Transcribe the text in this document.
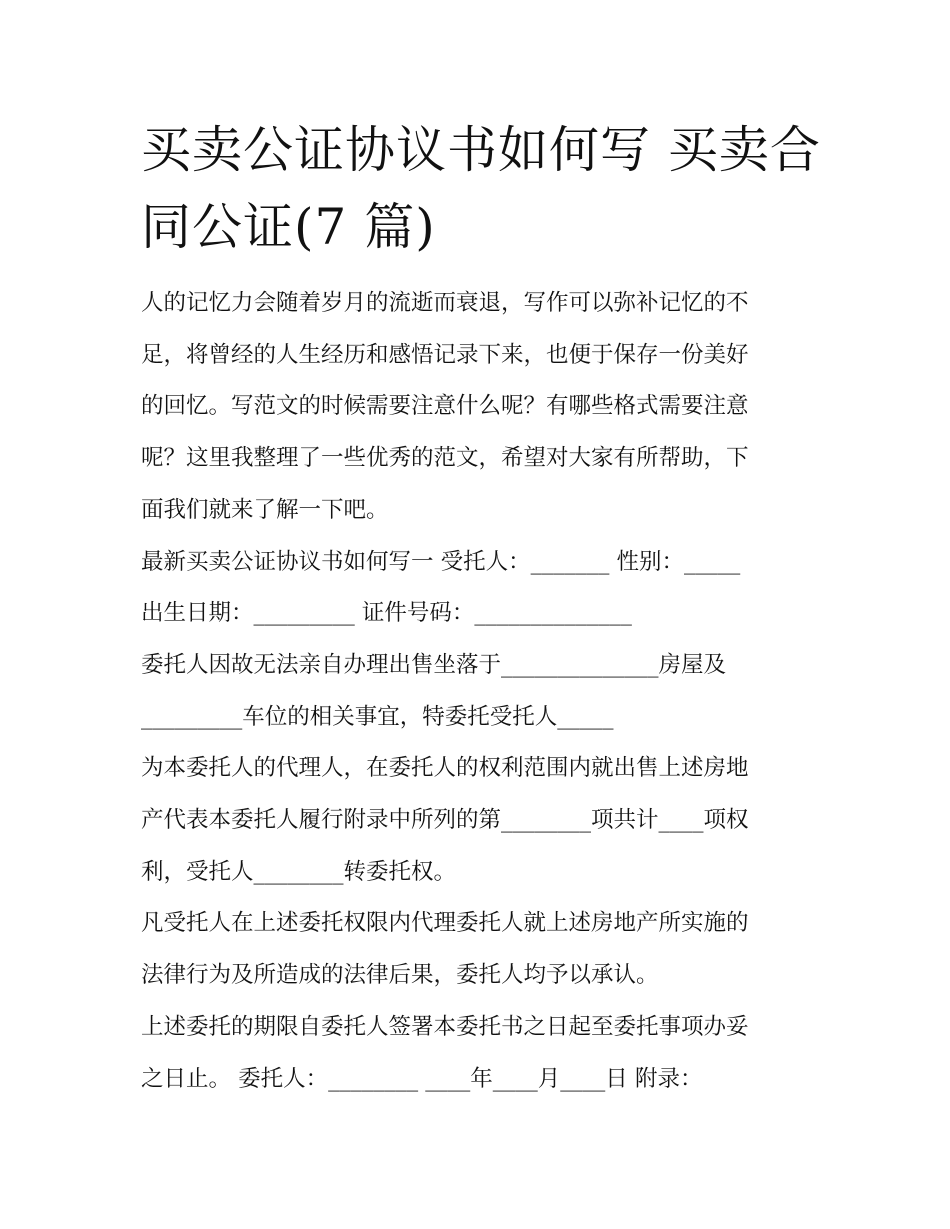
买卖公证协议书如何写 买卖合
同公证(7 篇)
人的记忆力会随着岁月的流逝而衰退，写作可以弥补记忆的不
足，将曾经的人生经历和感悟记录下来，也便于保存一份美好
的回忆。写范文的时候需要注意什么呢？有哪些格式需要注意
呢？这里我整理了一些优秀的范文，希望对大家有所帮助，下
面我们就来了解一下吧。
最新买卖公证协议书如何写一 受托人：_______ 性别：_____
出生日期：_________ 证件号码：______________
委托人因故无法亲自办理出售坐落于______________房屋及
_________车位的相关事宜，特委托受托人_____
为本委托人的代理人，在委托人的权利范围内就出售上述房地
产代表本委托人履行附录中所列的第________项共计____项权
利，受托人________转委托权。
凡受托人在上述委托权限内代理委托人就上述房地产所实施的
法律行为及所造成的法律后果，委托人均予以承认。
上述委托的期限自委托人签署本委托书之日起至委托事项办妥
之日止。 委托人：________ ____年____月____日 附录：
